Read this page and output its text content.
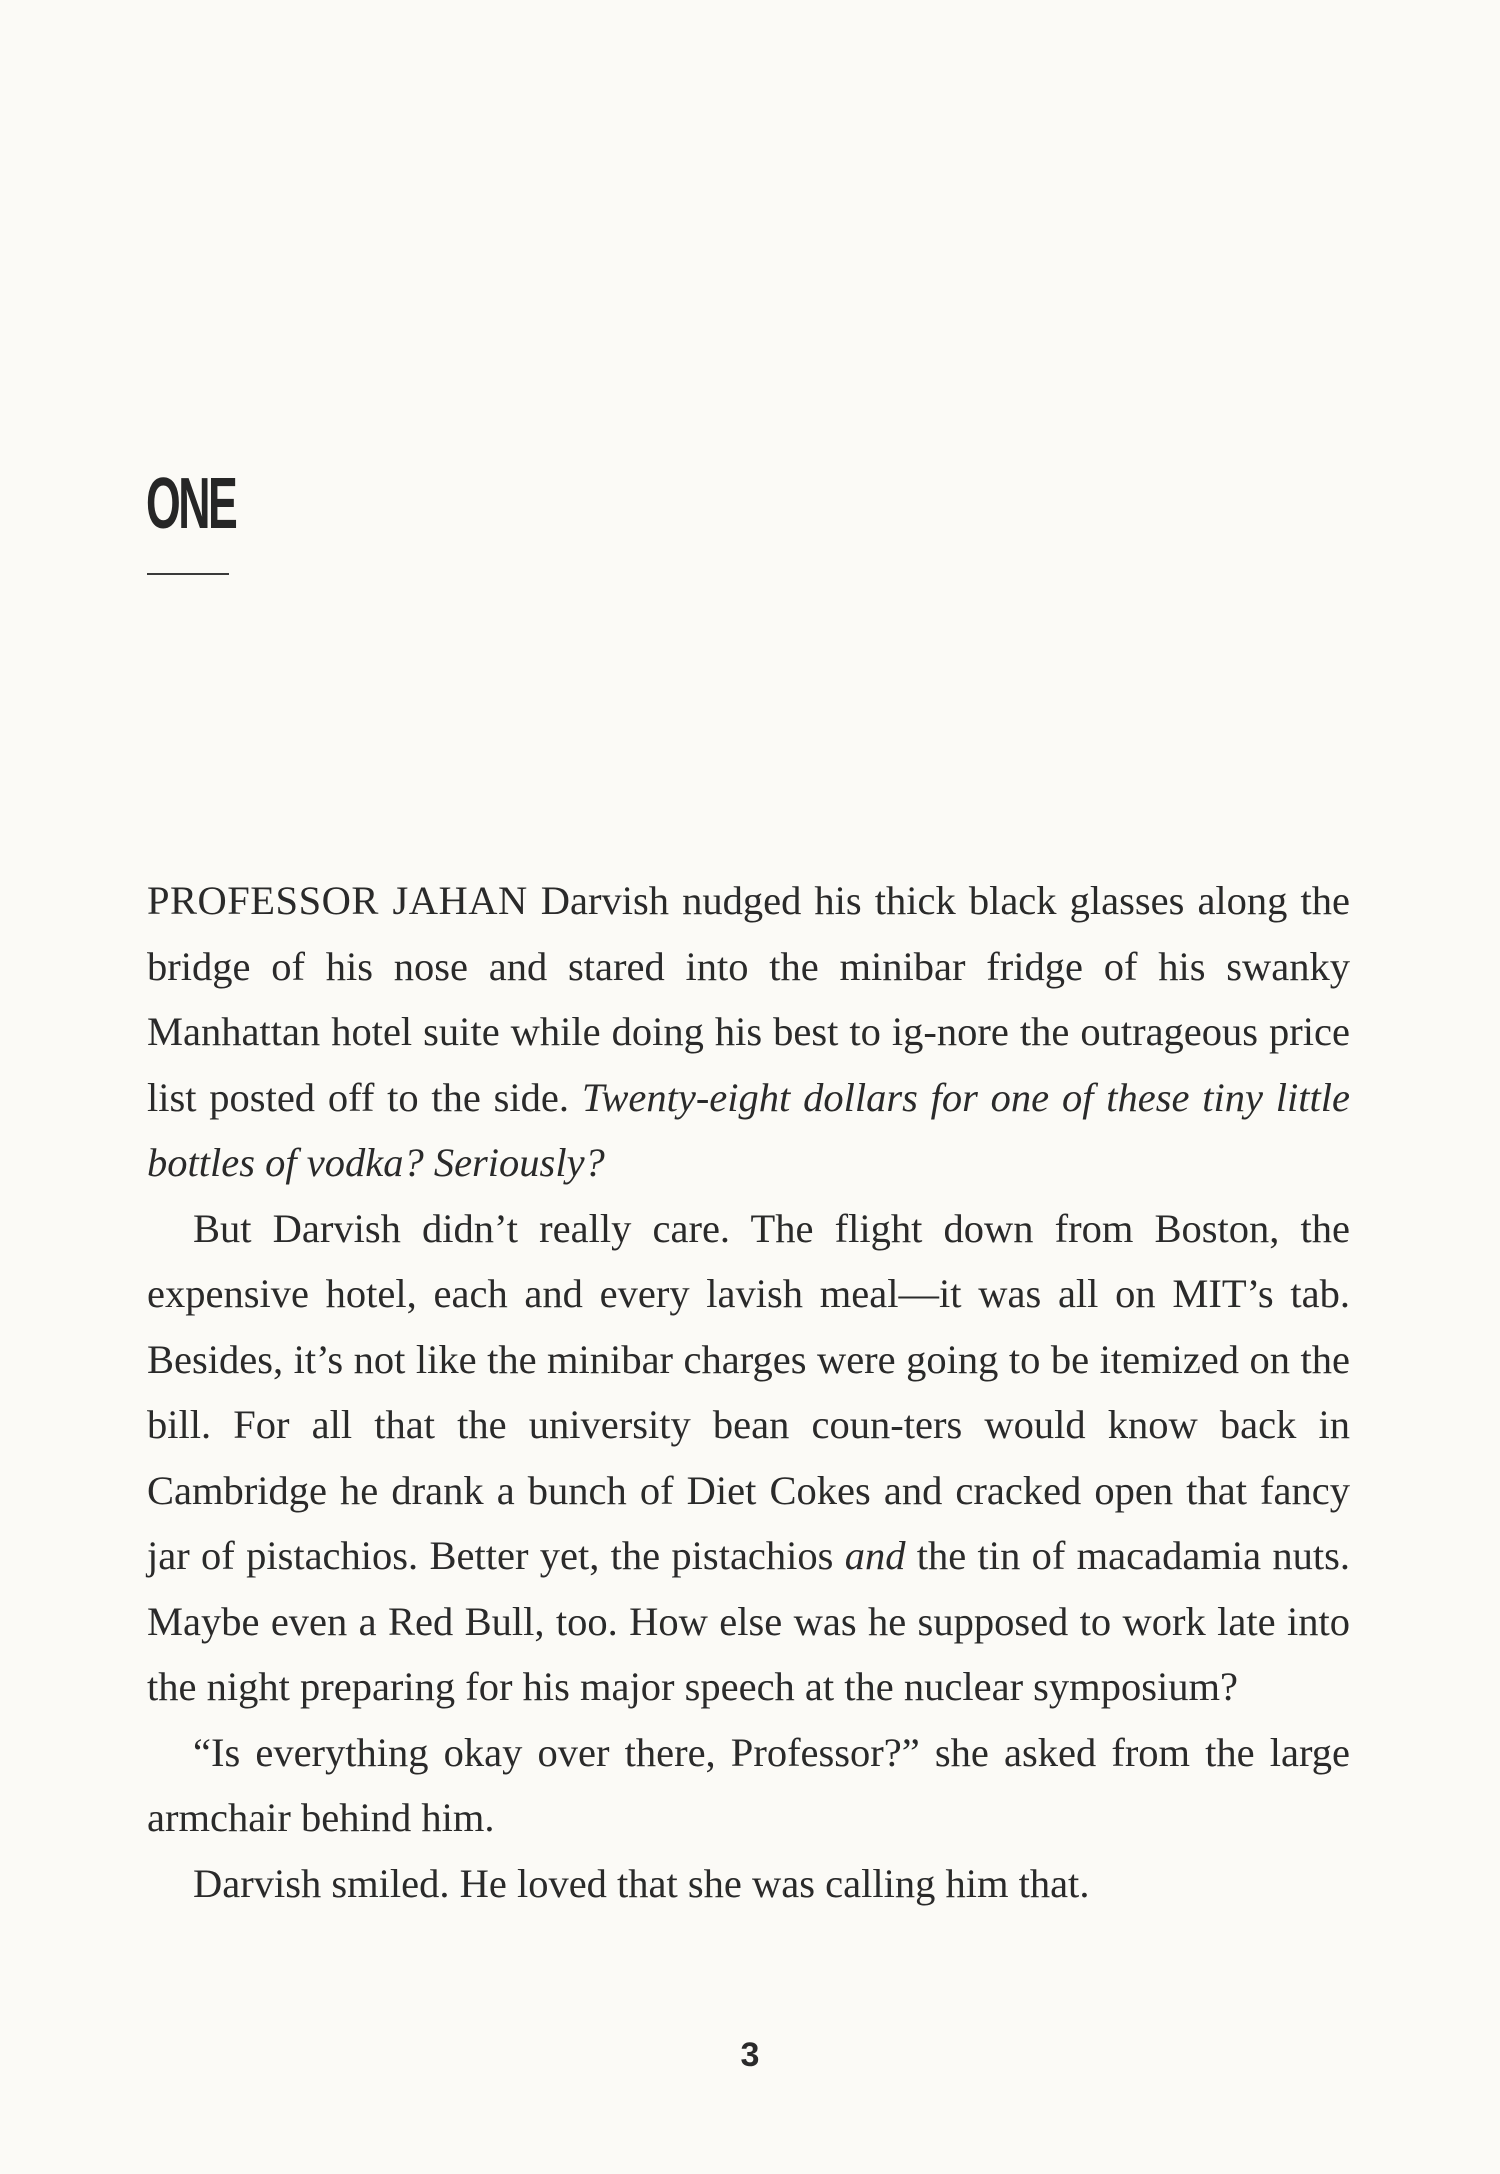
ONE

PROFESSOR JAHAN Darvish nudged his thick black glasses along the bridge of his nose and stared into the minibar fridge of his swanky Manhattan hotel suite while doing his best to ig-nore the outrageous price list posted off to the side. Twenty-eight dollars for one of these tiny little bottles of vodka? Seriously?

But Darvish didn’t really care. The flight down from Boston, the expensive hotel, each and every lavish meal—it was all on MIT’s tab. Besides, it’s not like the minibar charges were going to be itemized on the bill. For all that the university bean coun-ters would know back in Cambridge he drank a bunch of Diet Cokes and cracked open that fancy jar of pistachios. Better yet, the pistachios and the tin of macadamia nuts. Maybe even a Red Bull, too. How else was he supposed to work late into the night preparing for his major speech at the nuclear symposium?

“Is everything okay over there, Professor?” she asked from the large armchair behind him.

Darvish smiled. He loved that she was calling him that.

3
